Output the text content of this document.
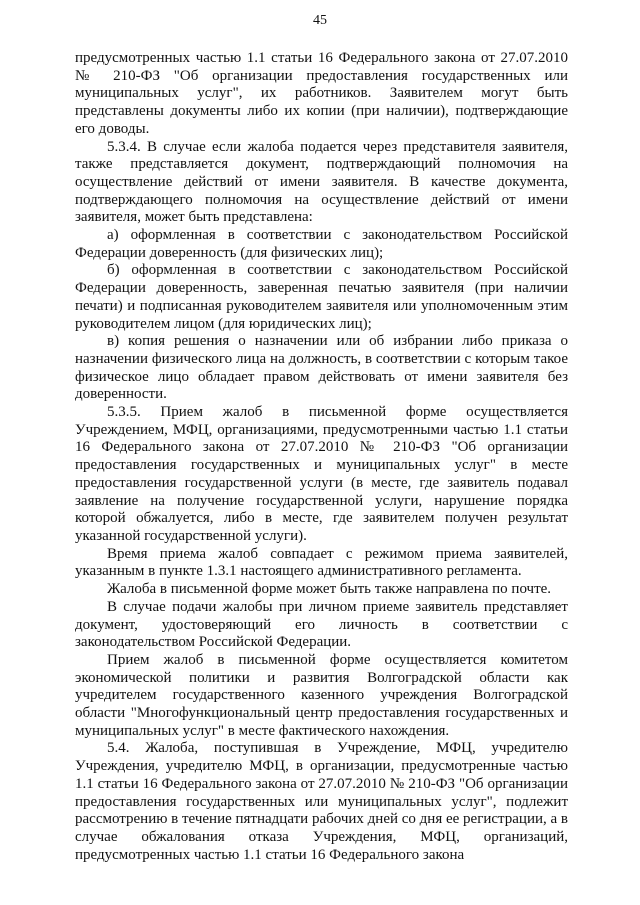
45

предусмотренных частью 1.1 статьи 16 Федерального закона от 27.07.2010 № 210-ФЗ "Об организации предоставления государственных или муниципальных услуг", их работников. Заявителем могут быть представлены документы либо их копии (при наличии), подтверждающие его доводы.

5.3.4. В случае если жалоба подается через представителя заявителя, также представляется документ, подтверждающий полномочия на осуществление действий от имени заявителя. В качестве документа, подтверждающего полномочия на осуществление действий от имени заявителя, может быть представлена:

а) оформленная в соответствии с законодательством Российской Федерации доверенность (для физических лиц);

б) оформленная в соответствии с законодательством Российской Федерации доверенность, заверенная печатью заявителя (при наличии печати) и подписанная руководителем заявителя или уполномоченным этим руководителем лицом (для юридических лиц);

в) копия решения о назначении или об избрании либо приказа о назначении физического лица на должность, в соответствии с которым такое физическое лицо обладает правом действовать от имени заявителя без доверенности.

5.3.5. Прием жалоб в письменной форме осуществляется Учреждением, МФЦ, организациями, предусмотренными частью 1.1 статьи 16 Федерального закона от 27.07.2010 № 210-ФЗ "Об организации предоставления государственных и муниципальных услуг" в месте предоставления государственной услуги (в месте, где заявитель подавал заявление на получение государственной услуги, нарушение порядка которой обжалуется, либо в месте, где заявителем получен результат указанной государственной услуги).

Время приема жалоб совпадает с режимом приема заявителей, указанным в пункте 1.3.1 настоящего административного регламента.

Жалоба в письменной форме может быть также направлена по почте.

В случае подачи жалобы при личном приеме заявитель представляет документ, удостоверяющий его личность в соответствии с законодательством Российской Федерации.

Прием жалоб в письменной форме осуществляется комитетом экономической политики и развития Волгоградской области как учредителем государственного казенного учреждения Волгоградской области "Многофункциональный центр предоставления государственных и муниципальных услуг" в месте фактического нахождения.

5.4. Жалоба, поступившая в Учреждение, МФЦ, учредителю Учреждения, учредителю МФЦ, в организации, предусмотренные частью 1.1 статьи 16 Федерального закона от 27.07.2010 № 210-ФЗ "Об организации предоставления государственных или муниципальных услуг", подлежит рассмотрению в течение пятнадцати рабочих дней со дня ее регистрации, а в случае обжалования отказа Учреждения, МФЦ, организаций, предусмотренных частью 1.1 статьи 16 Федерального закона
